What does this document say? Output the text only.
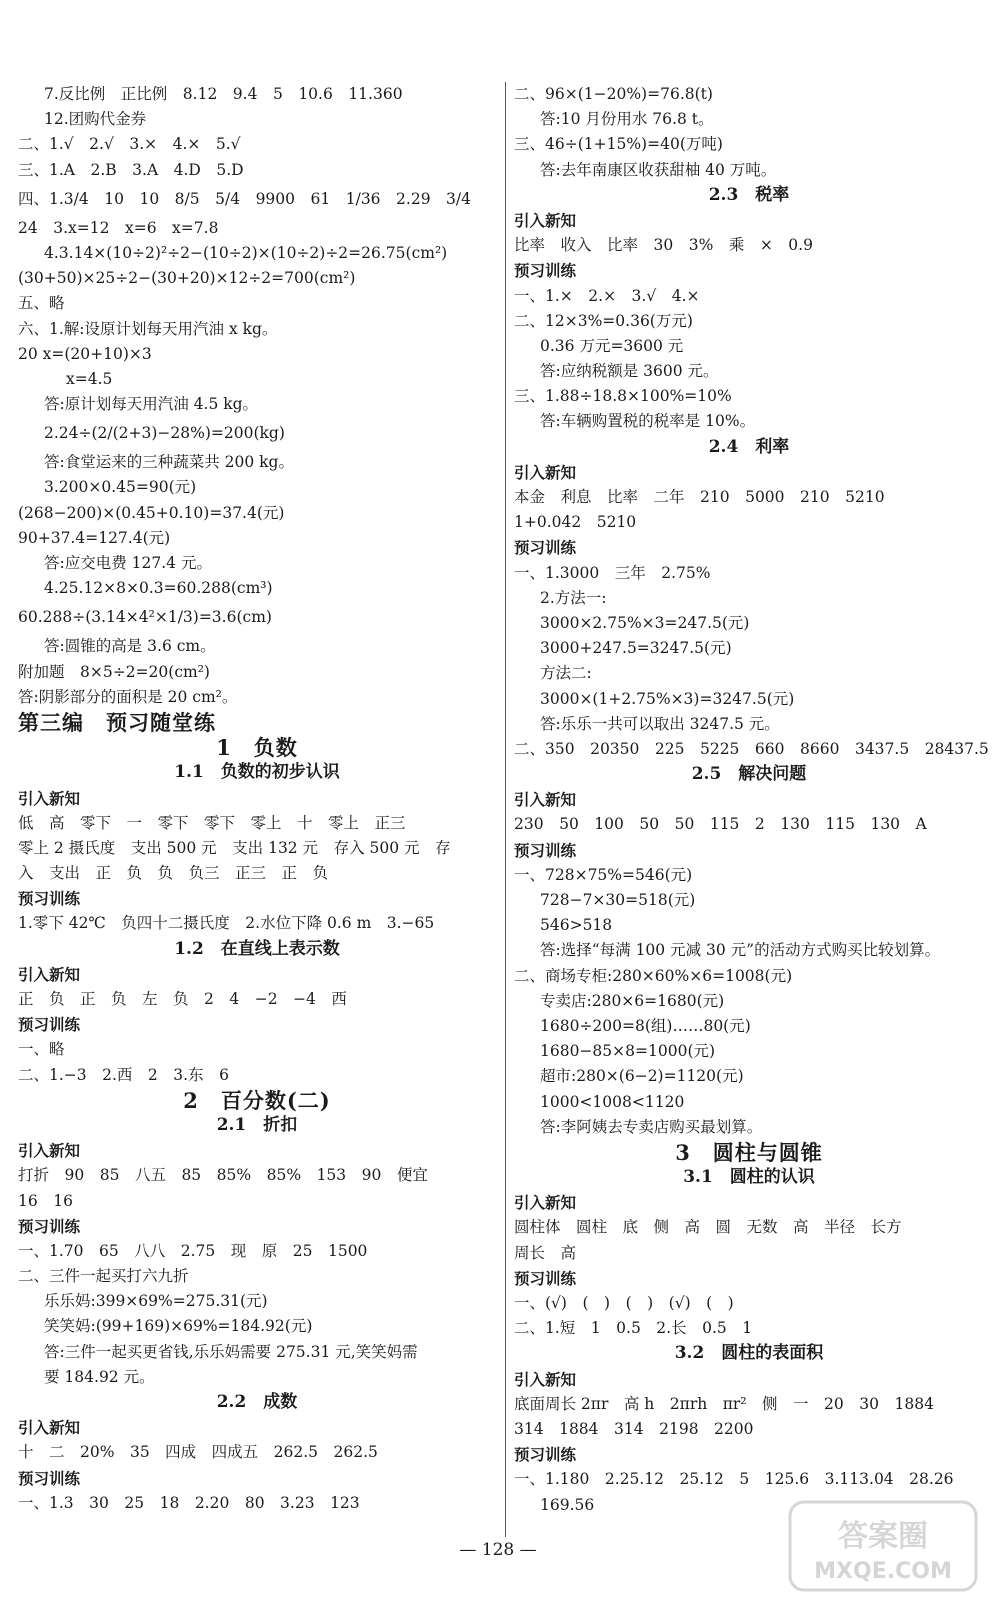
7.反比例　正比例　8.12　9.4　5　10.6　11.360
12.团购代金券
二、1.√　2.√　3.×　4.×　5.√
三、1.A　2.B　3.A　4.D　5.D
四、1.3/4　10　10　8/5　5/4　9900　61　1/36　2.29　3/4
24　3.x=12　x=6　x=7.8
4.3.14×(10÷2)²÷2−(10÷2)×(10÷2)÷2=26.75(cm²)
(30+50)×25÷2−(30+20)×12÷2=700(cm²)
五、略
六、1.解:设原计划每天用汽油 x kg。
20 x=(20+10)×3
x=4.5
答:原计划每天用汽油 4.5 kg。
2.24÷(2/(2+3)−28%)=200(kg)
答:食堂运来的三种蔬菜共 200 kg。
3.200×0.45=90(元)
(268−200)×(0.45+0.10)=37.4(元)
90+37.4=127.4(元)
答:应交电费 127.4 元。
4.25.12×8×0.3=60.288(cm³)
60.288÷(3.14×4²×1/3)=3.6(cm)
答:圆锥的高是 3.6 cm。
附加题　8×5÷2=20(cm²)
答:阴影部分的面积是 20 cm²。
第三编　预习随堂练
1　负数
1.1　负数的初步认识
引入新知
低　高　零下　一　零下　零下　零上　十　零上　正三
零上 2 摄氏度　支出 500 元　支出 132 元　存入 500 元　存
入　支出　正　负　负　负三　正三　正　负
预习训练
1.零下 42℃　负四十二摄氏度　2.水位下降 0.6 m　3.−65
1.2　在直线上表示数
引入新知
正　负　正　负　左　负　2　4　−2　−4　西
预习训练
一、略
二、1.−3　2.西　2　3.东　6
2　百分数(二)
2.1　折扣
引入新知
打折　90　85　八五　85　85%　85%　153　90　便宜
16　16
预习训练
一、1.70　65　八八　2.75　现　原　25　1500
二、三件一起买打六九折
乐乐妈:399×69%=275.31(元)
笑笑妈:(99+169)×69%=184.92(元)
答:三件一起买更省钱,乐乐妈需要 275.31 元,笑笑妈需
要 184.92 元。
2.2　成数
引入新知
十　二　20%　35　四成　四成五　262.5　262.5
预习训练
一、1.3　30　25　18　2.20　80　3.23　123
二、96×(1−20%)=76.8(t)
答:10 月份用水 76.8 t。
三、46÷(1+15%)=40(万吨)
答:去年南康区收获甜柚 40 万吨。
2.3　税率
引入新知
比率　收入　比率　30　3%　乘　×　0.9
预习训练
一、1.×　2.×　3.√　4.×
二、12×3%=0.36(万元)
0.36 万元=3600 元
答:应纳税额是 3600 元。
三、1.88÷18.8×100%=10%
答:车辆购置税的税率是 10%。
2.4　利率
引入新知
本金　利息　比率　二年　210　5000　210　5210
1+0.042　5210
预习训练
一、1.3000　三年　2.75%
2.方法一:
3000×2.75%×3=247.5(元)
3000+247.5=3247.5(元)
方法二:
3000×(1+2.75%×3)=3247.5(元)
答:乐乐一共可以取出 3247.5 元。
二、350　20350　225　5225　660　8660　3437.5　28437.5
2.5　解决问题
引入新知
230　50　100　50　50　115　2　130　115　130　A
预习训练
一、728×75%=546(元)
728−7×30=518(元)
546>518
答:选择“每满 100 元减 30 元”的活动方式购买比较划算。
二、商场专柜:280×60%×6=1008(元)
专卖店:280×6=1680(元)
1680÷200=8(组)……80(元)
1680−85×8=1000(元)
超市:280×(6−2)=1120(元)
1000<1008<1120
答:李阿姨去专卖店购买最划算。
3　圆柱与圆锥
3.1　圆柱的认识
引入新知
圆柱体　圆柱　底　侧　高　圆　无数　高　半径　长方
周长　高
预习训练
一、(√)　(　)　(　)　(√)　(　)
二、1.短　1　0.5　2.长　0.5　1
3.2　圆柱的表面积
引入新知
底面周长 2πr　高 h　2πrh　πr²　侧　一　20　30　1884
314　1884　314　2198　2200
预习训练
一、1.180　2.25.12　25.12　5　125.6　3.113.04　28.26
169.56
— 128 —	答案圈
MXQE.COM
